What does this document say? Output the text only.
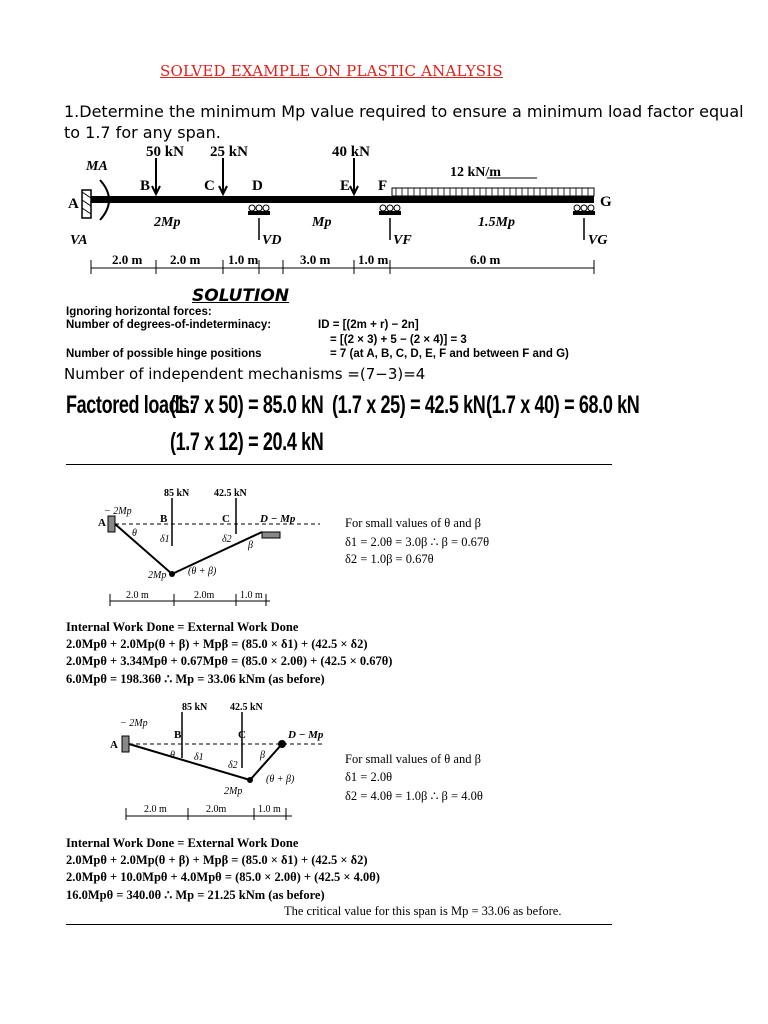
SOLVED EXAMPLE ON PLASTIC ANALYSIS
1.Determine the minimum Mp value required to ensure a minimum load factor equal to 1.7 for any span.
50 kN 25 kN	40 kN
12 kN/m
MA
A
B	C D	E F
G
2Mp	Mp	1.5Mp
VA	VD	VF	VG
2.0 m 2.0 m 1.0 m	3.0 m 1.0 m	6.0 m
SOLUTION
Ignoring horizontal forces:
Number of degrees-of-indeterminacy:	ID = [(2m + r) − 2n]
= [(2 × 3) + 5 − (2 × 4)] = 3
Number of possible hinge positions	= 7 (at A, B, C, D, E, F and between F and G)
Number of independent mechanisms =(7−3)=4
Factored loads:
(1.7 x 50) = 85.0 kN (1.7 x 25) = 42.5 kN (1.7 x 40) = 68.0 kN
(1.7 x 12) = 20.4 kN
85 kN 42.5 kN
A	B	C	D − Mp
− 2Mp
2Mp
θ
β
δ1	δ2
(θ + β)
2.0 m	2.0m	1.0 m
For small values of θ and β
δ1 = 2.0θ = 3.0β ∴ β = 0.67θ
δ2 = 1.0β = 0.67θ
Internal Work Done = External Work Done
2.0Mpθ + 2.0Mp(θ + β) + Mpβ = (85.0 × δ1) + (42.5 × δ2)
2.0Mpθ + 3.34Mpθ + 0.67Mpθ = (85.0 × 2.0θ) + (42.5 × 0.67θ)
6.0Mpθ = 198.36θ ∴ Mp = 33.06 kNm (as before)
85 kN 42.5 kN
A
B	C	D − Mp
− 2Mp
2Mp
θ	β
δ1
δ2
(θ + β)
2.0 m	2.0m	1.0 m
For small values of θ and β
δ1 = 2.0θ
δ2 = 4.0θ = 1.0β ∴ β = 4.0θ
Internal Work Done = External Work Done
2.0Mpθ + 2.0Mp(θ + β) + Mpβ = (85.0 × δ1) + (42.5 × δ2)
2.0Mpθ + 10.0Mpθ + 4.0Mpθ = (85.0 × 2.0θ) + (42.5 × 4.0θ)
16.0Mpθ = 340.0θ ∴ Mp = 21.25 kNm (as before)
The critical value for this span is Mp = 33.06 as before.
